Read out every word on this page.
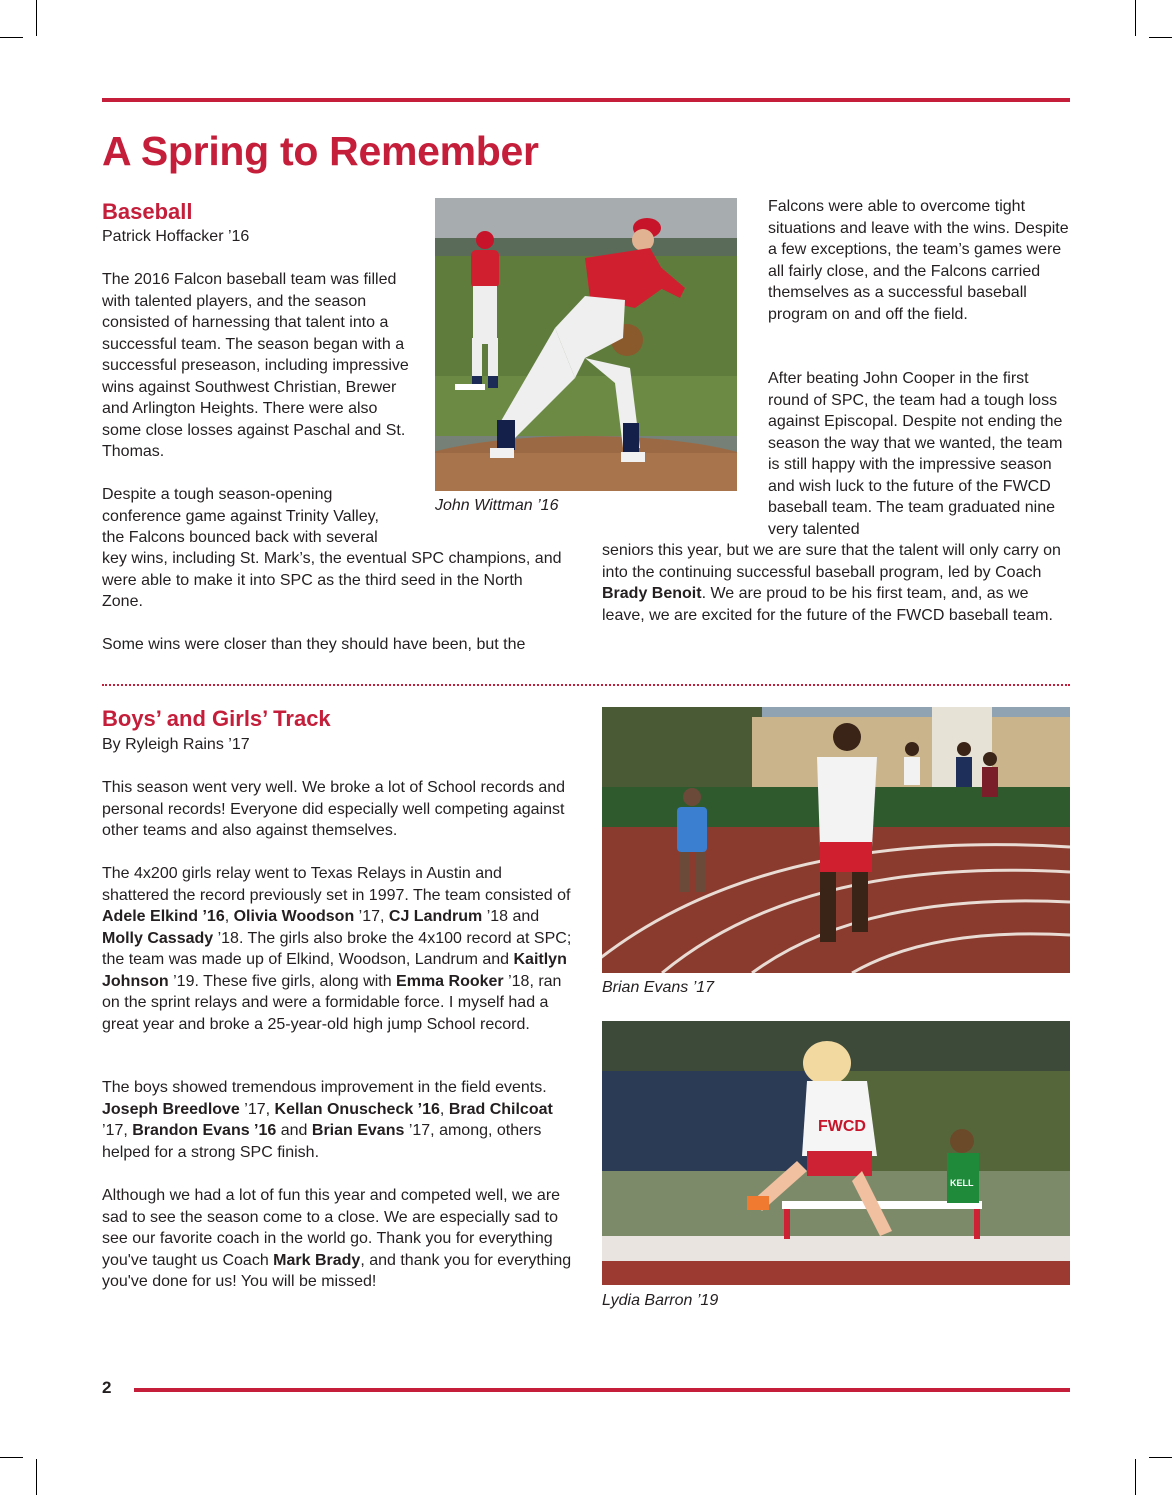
A Spring to Remember
Baseball

Patrick Hoffacker ’16

The 2016 Falcon baseball team was filled with talented players, and the season consisted of harnessing that talent into a successful team. The season began with a successful preseason, including impressive wins against Southwest Christian, Brewer and Arlington Heights. There were also some close losses against Paschal and St. Thomas.

Despite a tough season-opening conference game against Trinity Valley, the Falcons bounced back with several

key wins, including St. Mark’s, the eventual SPC champions, and were able to make it into SPC as the third seed in the North Zone.

Some wins were closer than they should have been, but the

John Wittman ’16

Falcons were able to overcome tight situations and leave with the wins. Despite a few exceptions, the team’s games were all fairly close, and the Falcons carried themselves as a successful baseball program on and off the field.

After beating John Cooper in the first round of SPC, the team had a tough loss against Episcopal. Despite not ending the season the way that we wanted, the team is still happy with the impressive season and wish luck to the future of the FWCD baseball team. The team graduated nine very talented

seniors this year, but we are sure that the talent will only carry on into the continuing successful baseball program, led by Coach Brady Benoit. We are proud to be his first team, and, as we leave, we are excited for the future of the FWCD baseball team.

Boys’ and Girls’ Track

By Ryleigh Rains ’17

This season went very well. We broke a lot of School records and personal records! Everyone did especially well competing against other teams and also against themselves.

The 4x200 girls relay went to Texas Relays in Austin and shattered the record previously set in 1997. The team consisted of Adele Elkind ’16, Olivia Woodson ’17, CJ Landrum ’18 and Molly Cassady ’18. The girls also broke the 4x100 record at SPC; the team was made up of Elkind, Woodson, Landrum and Kaitlyn Johnson ’19. These five girls, along with Emma Rooker ’18, ran on the sprint relays and were a formidable force. I myself had a great year and broke a 25-year-old high jump School record.

The boys showed tremendous improvement in the field events. Joseph Breedlove ’17, Kellan Onuscheck ’16, Brad Chilcoat ’17, Brandon Evans ’16 and Brian Evans ’17, among, others helped for a strong SPC finish.

Although we had a lot of fun this year and competed well, we are sad to see the season come to a close. We are especially sad to see our favorite coach in the world go. Thank you for everything you've taught us Coach Mark Brady, and thank you for everything you've done for us! You will be missed!

Brian Evans ’17

FWCD
KELL

Lydia Barron ’19

2
